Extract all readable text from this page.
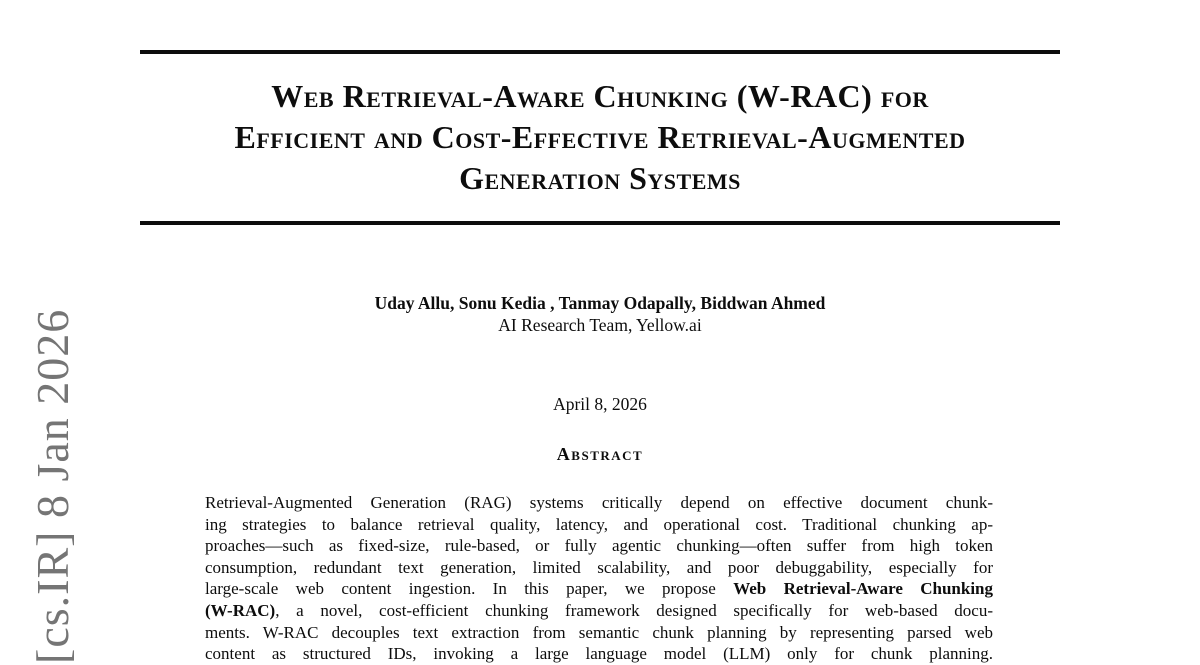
[cs.IR] 8 Jan 2026
Web Retrieval-Aware Chunking (W-RAC) for
Efficient and Cost-Effective Retrieval-Augmented
Generation Systems
Uday Allu, Sonu Kedia , Tanmay Odapally, Biddwan Ahmed
AI Research Team, Yellow.ai
April 8, 2026
Abstract
Retrieval-Augmented Generation (RAG) systems critically depend on effective document chunk-
ing strategies to balance retrieval quality, latency, and operational cost. Traditional chunking ap-
proaches—such as fixed-size, rule-based, or fully agentic chunking—often suffer from high token
consumption, redundant text generation, limited scalability, and poor debuggability, especially for
large-scale web content ingestion. In this paper, we propose Web Retrieval-Aware Chunking
(W-RAC), a novel, cost-efficient chunking framework designed specifically for web-based docu-
ments. W-RAC decouples text extraction from semantic chunk planning by representing parsed web
content as structured IDs, invoking a large language model (LLM) only for chunk planning.
